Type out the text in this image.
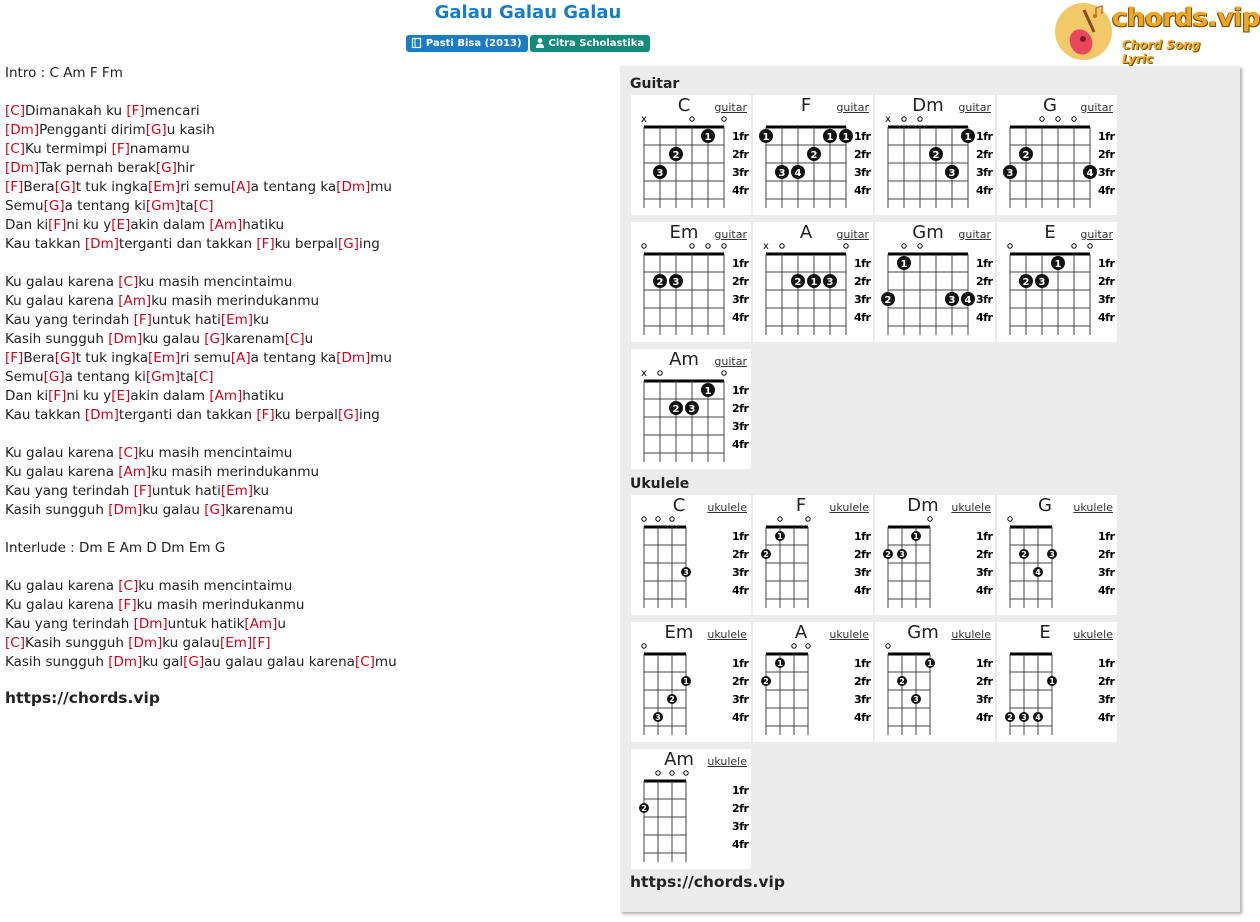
Galau Galau Galau
Pasti Bisa (2013)	Citra Scholastika
chords.vip
Chord Song Lyric
Intro : C Am F Fm
[C]Dimanakah ku [F]mencari
[Dm]Pengganti dirim[G]u kasih
[C]Ku termimpi [F]namamu
[Dm]Tak pernah berak[G]hir
[F]Bera[G]t tuk ingka[Em]ri semu[A]a tentang ka[Dm]mu
Semu[G]a tentang ki[Gm]ta[C]
Dan ki[F]ni ku y[E]akin dalam [Am]hatiku
Kau takkan [Dm]terganti dan takkan [F]ku berpal[G]ing
Ku galau karena [C]ku masih mencintaimu
Ku galau karena [Am]ku masih merindukanmu
Kau yang terindah [F]untuk hati[Em]ku
Kasih sungguh [Dm]ku galau [G]karenam[C]u
[F]Bera[G]t tuk ingka[Em]ri semu[A]a tentang ka[Dm]mu
Semu[G]a tentang ki[Gm]ta[C]
Dan ki[F]ni ku y[E]akin dalam [Am]hatiku
Kau takkan [Dm]terganti dan takkan [F]ku berpal[G]ing
Ku galau karena [C]ku masih mencintaimu
Ku galau karena [Am]ku masih merindukanmu
Kau yang terindah [F]untuk hati[Em]ku
Kasih sungguh [Dm]ku galau [G]karenamu
Interlude : Dm E Am D Dm Em G
Ku galau karena [C]ku masih mencintaimu
Ku galau karena [F]ku masih merindukanmu
Kau yang terindah [Dm]untuk hatik[Am]u
[C]Kasih sungguh [Dm]ku galau[Em][F]
Kasih sungguh [Dm]ku gal[G]au galau galau karena[C]mu
https://chords.vip
Guitar
Ukulele
C	guitar
x
1fr
2fr
3fr
4fr
1
2
3
F	guitar
1fr
2fr
3fr
4fr
1	1 1
2
3 4
Dm	guitar
x
1fr
2fr
3fr
4fr
1
2
3
G	guitar
1fr
2fr
3fr
4fr
2
3	4
Em	guitar
1fr
2fr
3fr
4fr
2 3
A	guitar
x
1fr
2fr
3fr
4fr
2 1 3
Gm	guitar
1fr
2fr
3fr
4fr
1
2	3 4
E	guitar
1fr
2fr
3fr
4fr
1
2 3
Am	guitar
x
1fr
2fr
3fr
4fr
1
2 3
C	ukulele
1fr
2fr
3fr
4fr
3
F	ukulele
1fr
2fr
3fr
4fr
1
2
Dm	ukulele
1fr
2fr
3fr
4fr
1
2 3
G	ukulele
1fr
2fr
3fr
4fr
2	3
4
Em	ukulele
1fr
2fr
3fr
4fr
1
2
3
A	ukulele
1fr
2fr
3fr
4fr
1
2
Gm	ukulele
1fr
2fr
3fr
4fr
1
2
3
E	ukulele
1fr
2fr
3fr
4fr
1
2 3 4
Am	ukulele
1fr
2fr
3fr
4fr
2
https://chords.vip
